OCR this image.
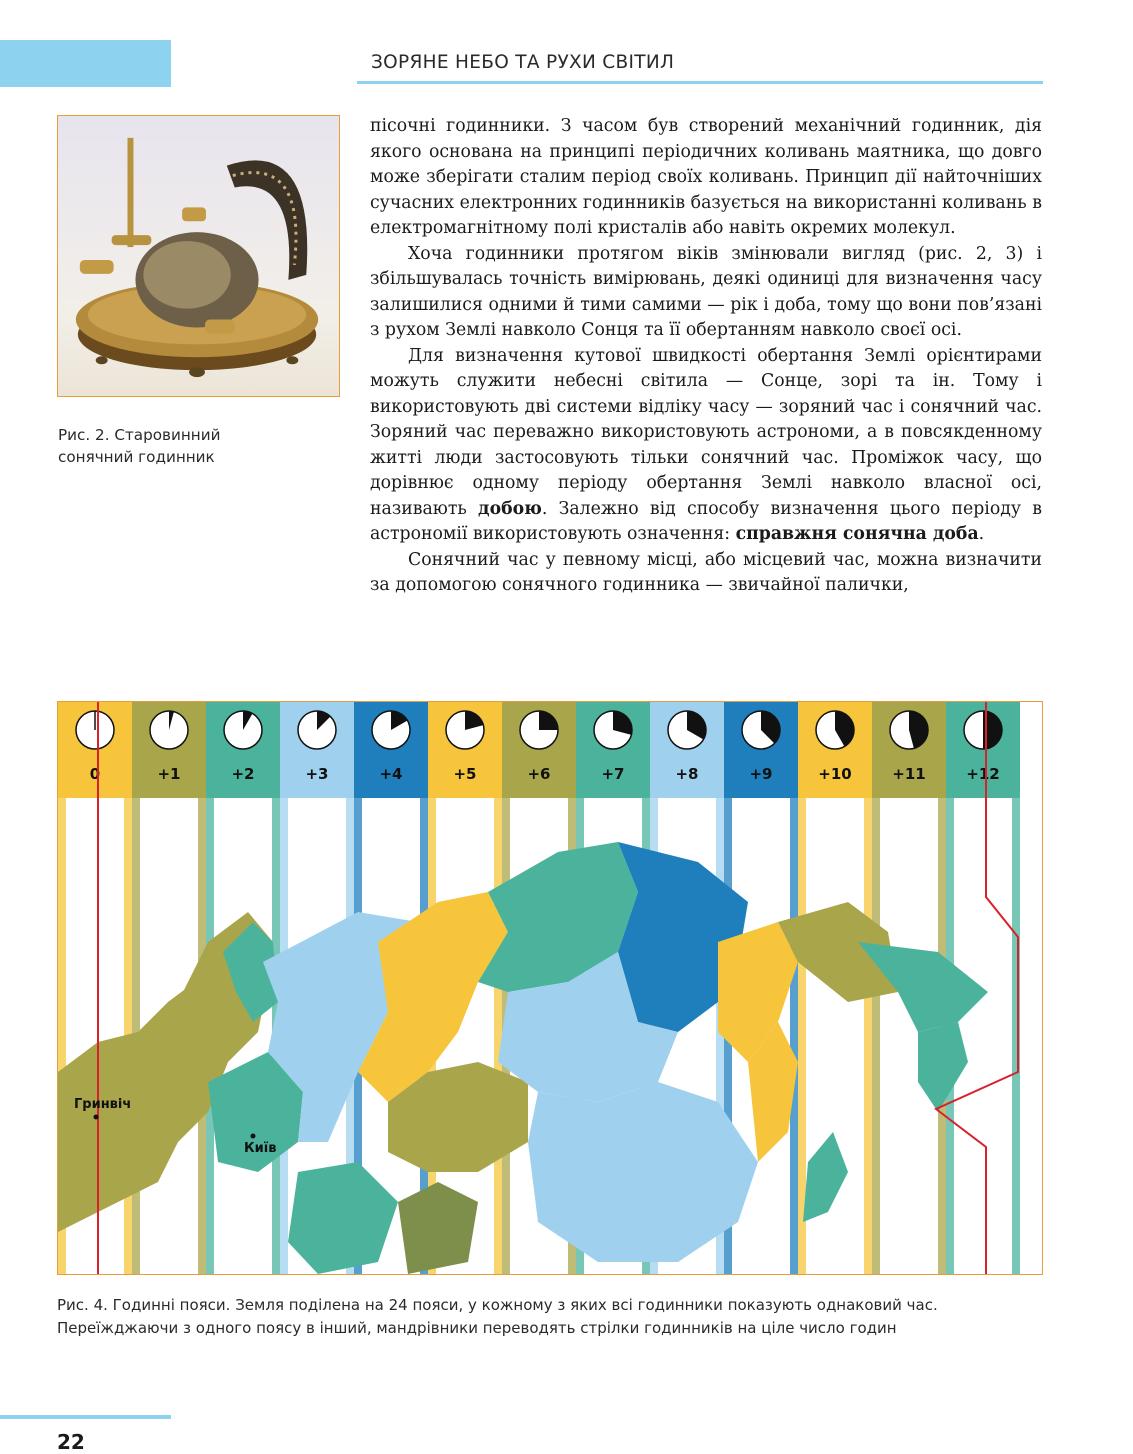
ЗОРЯНЕ НЕБО ТА РУХИ СВІТИЛ
Рис. 2. Старовинний
сонячний годинник

пісочні годинники. З часом був створений механічний годинник, дія якого основана на принципі періодичних коливань маятника, що довго може зберігати сталим період своїх коливань. Принцип дії найточніших сучасних електронних годинників базується на використанні коливань в електромагнітному полі кристалів або навіть окремих молекул.

Хоча годинники протягом віків змінювали вигляд (рис. 2, 3) і збільшувалась точність вимірювань, деякі одиниці для визначення часу залишилися одними й тими самими — рік і доба, тому що вони пов’язані з рухом Землі навколо Сонця та її обертанням навколо своєї осі.

Для визначення кутової швидкості обертання Землі орієнтирами можуть служити небесні світила — Сонце, зорі та ін. Тому і використовують дві системи відліку часу — зоряний час і сонячний час. Зоряний час переважно використовують астрономи, а в повсякденному житті люди застосовують тільки сонячний час. Проміжок часу, що дорівнює одному періоду обертання Землі навколо власної осі, називають добою. Залежно від способу визначення цього періоду в астрономії використовують означення: справжня сонячна доба.

Сонячний час у певному місці, або місцевий час, можна визначити за допомогою сонячного годинника — звичайної палички,

0	+1	+2	+3	+4	+5	+6	+7	+8	+9	+10	+11	+12
Гринвіч
Київ
Рис. 4. Годинні пояси. Земля поділена на 24 пояси, у кожному з яких всі годинники показують однаковий час. Переїжджаючи з одного поясу в інший, мандрівники переводять стрілки годинників на ціле число годин
22
